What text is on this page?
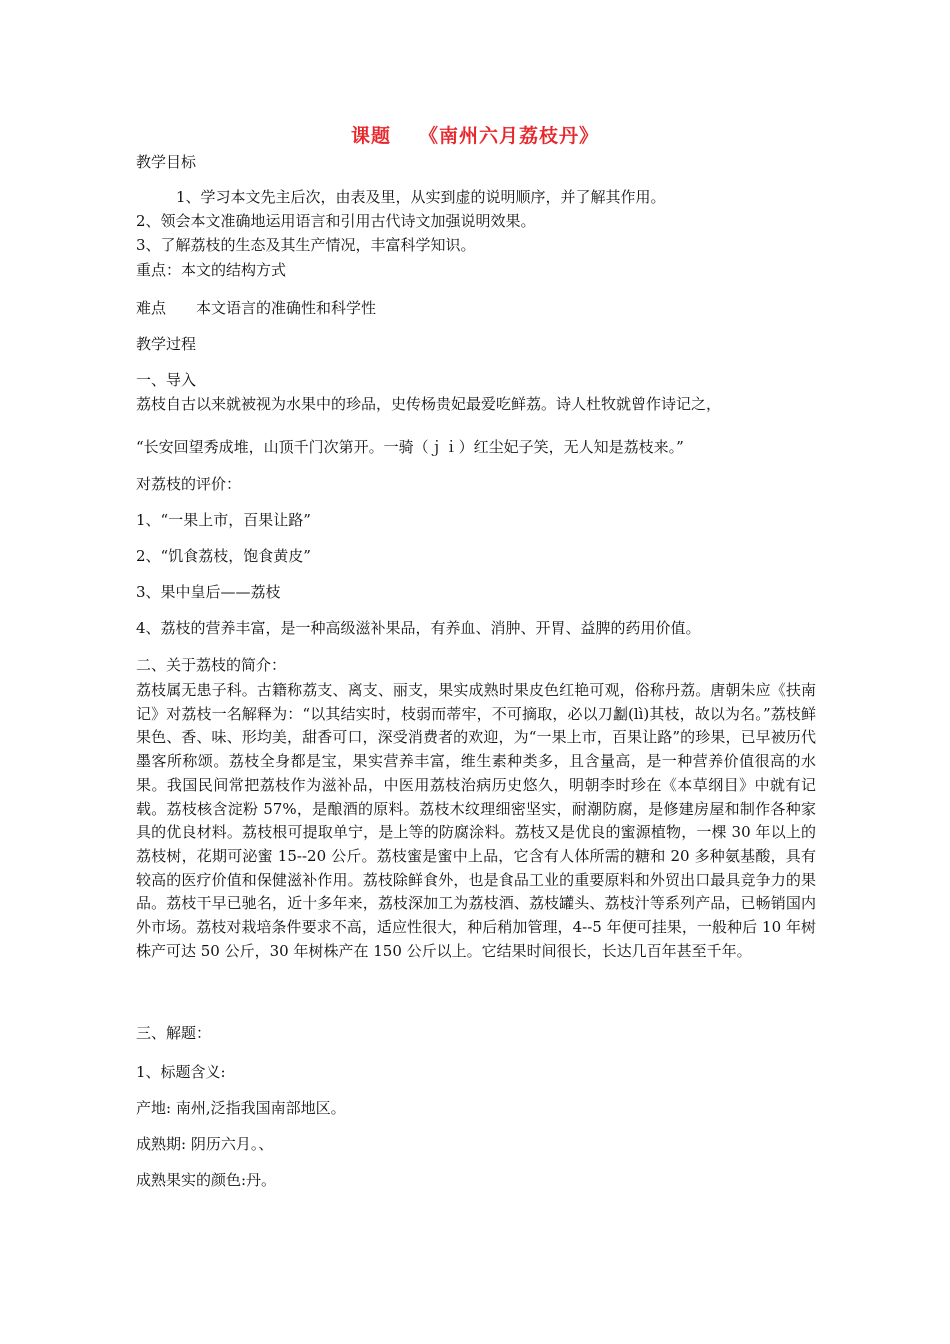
课题 《南州六月荔枝丹》
教学目标
1、学习本文先主后次，由表及里，从实到虚的说明顺序，并了解其作用。
2、领会本文准确地运用语言和引用古代诗文加强说明效果。
3、了解荔枝的生态及其生产情况，丰富科学知识。
重点：本文的结构方式
难点 本文语言的准确性和科学性
教学过程
一、导入
荔枝自古以来就被视为水果中的珍品，史传杨贵妃最爱吃鲜荔。诗人杜牧就曾作诗记之，
“长安回望秀成堆，山顶千门次第开。一骑（ｊｉ）红尘妃子笑，无人知是荔枝来。”
对荔枝的评价：
1、“一果上市，百果让路”
2、“饥食荔枝，饱食黄皮”
3、果中皇后——荔枝
4、荔枝的营养丰富，是一种高级滋补果品，有养血、消肿、开胃、益脾的药用价值。
二、关于荔枝的简介：
荔枝属无患子科。古籍称荔支、离支、丽支，果实成熟时果皮色红艳可观，俗称丹荔。唐朝朱应《扶南记》对荔枝一名解释为：“以其结实时，枝弱而蒂牢，不可摘取，必以刀劙(lì)其枝，故以为名。”荔枝鲜果色、香、味、形均美，甜香可口，深受消费者的欢迎，为“一果上市，百果让路”的珍果，已早被历代墨客所称颂。荔枝全身都是宝，果实营养丰富，维生素种类多，且含量高，是一种营养价值很高的水果。我国民间常把荔枝作为滋补品，中医用荔枝治病历史悠久，明朝李时珍在《本草纲目》中就有记载。荔枝核含淀粉 57%，是酿酒的原料。荔枝木纹理细密坚实，耐潮防腐，是修建房屋和制作各种家具的优良材料。荔枝根可提取单宁，是上等的防腐涂料。荔枝又是优良的蜜源植物，一棵 30 年以上的荔枝树，花期可泌蜜 15--20 公斤。荔枝蜜是蜜中上品，它含有人体所需的糖和 20 多种氨基酸，具有较高的医疗价值和保健滋补作用。荔枝除鲜食外，也是食品工业的重要原料和外贸出口最具竞争力的果品。荔枝干早已驰名，近十多年来，荔枝深加工为荔枝酒、荔枝罐头、荔枝汁等系列产品，已畅销国内外市场。荔枝对栽培条件要求不高，适应性很大，种后稍加管理，4--5 年便可挂果，一般种后 10 年树株产可达 50 公斤，30 年树株产在 150 公斤以上。它结果时间很长，长达几百年甚至千年。
三、解题：
1、标题含义:
产地: 南州,泛指我国南部地区。
成熟期: 阴历六月。、
成熟果实的颜色:丹。
